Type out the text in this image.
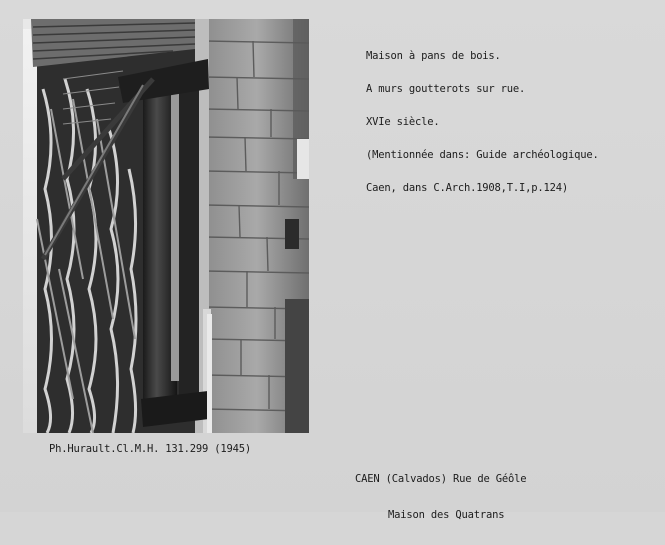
Maison à pans de bois.

A murs goutterots sur rue.

XVIe siècle.

(Mentionnée dans: Guide archéologique.

Caen, dans C.Arch.1908,T.I,p.124)

Ph.Hurault.Cl.M.H. 131.299 (1945)

CAEN (Calvados) Rue de Géôle

Maison des Quatrans
